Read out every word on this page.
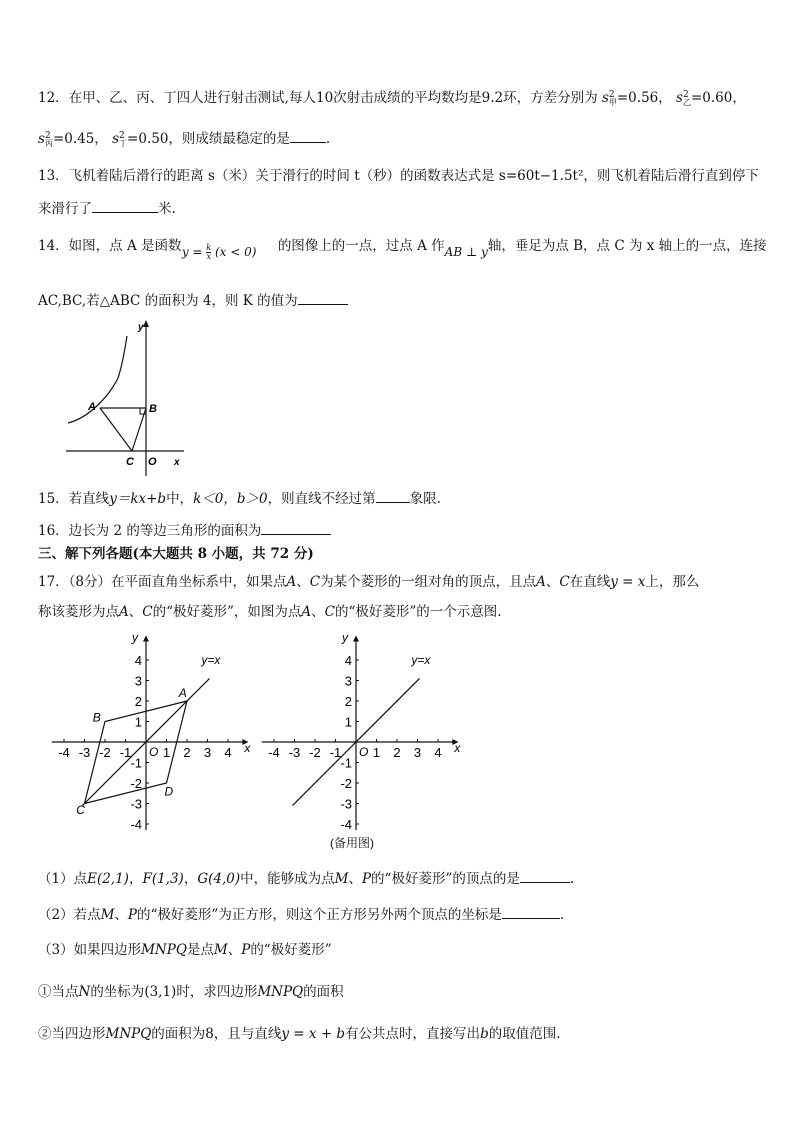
12．在甲、乙、丙、丁四人进行射击测试,每人10次射击成绩的平均数均是9.2环，方差分别为 s 2
甲 =0.56， s 2
乙 =0.60，
s 2
丙 =0.45， s 2
丁 =0.50，则成绩最稳定的是	.
13．飞机着陆后滑行的距离 s（米）关于滑行的时间 t（秒）的函数表达式是 s=60t−1.5t²，则飞机着陆后滑行直到停下
来滑行了	米.
14．如图，点 A 是函数 $y = \frac{k}{x} (x < 0)$ 的图像上的一点，过点 A 作AB ⊥ y轴，垂足为点 B，点 C 为 x 轴上的一点，连接
AC,BC,若△ABC 的面积为 4，则 K 的值为
A	B
C O x
y
15．若直线y＝kx+b中，k＜0，b＞0，则直线不经过第	象限.
16．边长为 2 的等边三角形的面积为
三、解下列各题(本大题共 8 小题，共 72 分)
17．（8分）在平面直角坐标系中，如果点A、C为某个菱形的一组对角的顶点，且点A、C在直线y = x上，那么
称该菱形为点A、C的“极好菱形”，如图为点A、C的“极好菱形”的一个示意图.
-4 -3 -2 -1 1 2 3 4
4
3
2
1
-1
-2
-3
-4
O	x
y
y=x
A
B
C
D
-4 -3 -2 -1 1 2 3 4
4
3
2
1
-1
-2
-3
-4
O	x
y
y=x
(备用图)
（1）点E(2,1)，F(1,3)，G(4,0)中，能够成为点M、P的“极好菱形”的顶点的是	.
（2）若点M、P的“极好菱形”为正方形，则这个正方形另外两个顶点的坐标是	.
（3）如果四边形MNPQ是点M、P的“极好菱形”
①当点N的坐标为(3,1)时，求四边形MNPQ的面积
②当四边形MNPQ的面积为8，且与直线y = x + b有公共点时，直接写出b的取值范围.
